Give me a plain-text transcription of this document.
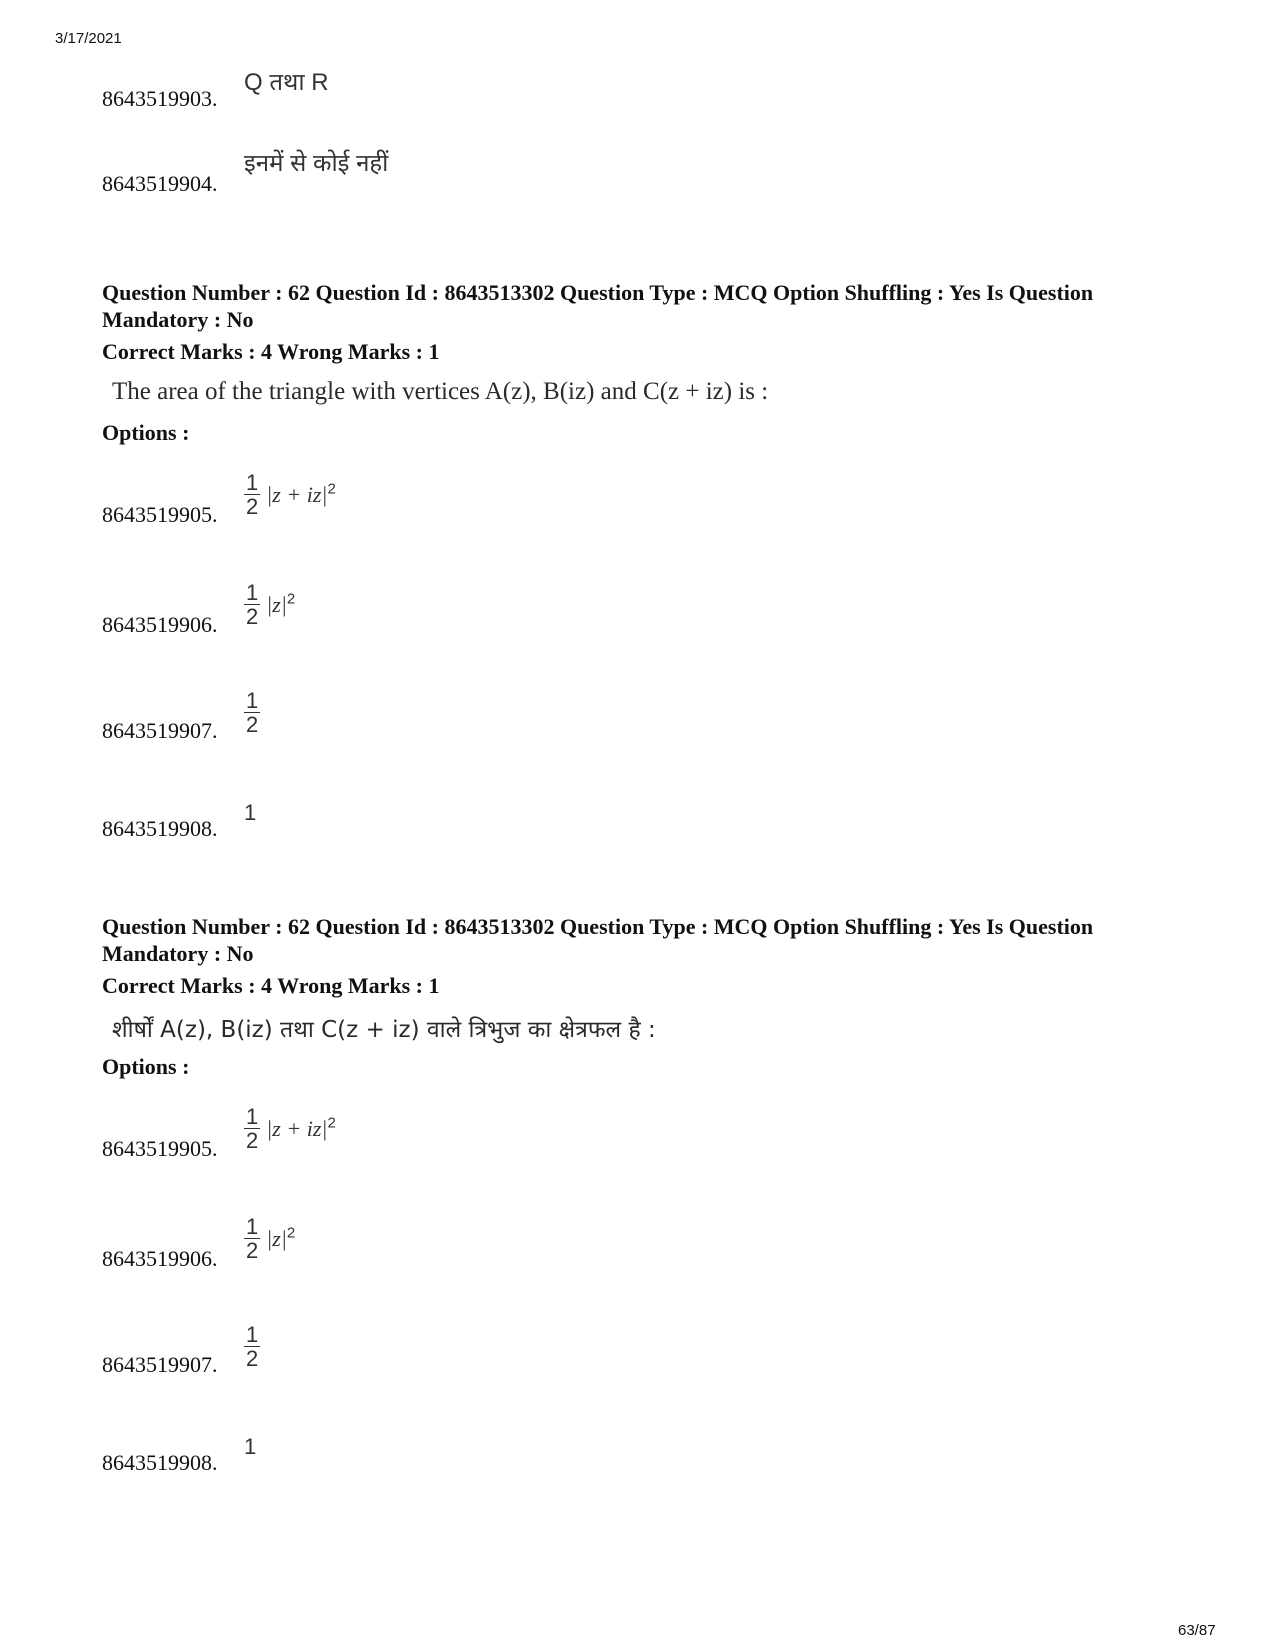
3/17/2021
8643519903.
Q तथा R
8643519904.
इनमें से कोई नहीं
Question Number : 62 Question Id : 8643513302 Question Type : MCQ Option Shuffling : Yes Is Question Mandatory : No
Correct Marks : 4 Wrong Marks : 1
The area of the triangle with vertices A(z), B(iz) and C(z + iz) is :
Options :
8643519905. $\frac{1}{2} |z + iz|^2$
8643519906. $\frac{1}{2} |z|^2$
8643519907. $\frac{1}{2}$
8643519908.
1
Question Number : 62 Question Id : 8643513302 Question Type : MCQ Option Shuffling : Yes Is Question Mandatory : No
Correct Marks : 4 Wrong Marks : 1
शीर्षों A(z), B(iz) तथा C(z + iz) वाले त्रिभुज का क्षेत्रफल है :
Options :
8643519905. $\frac{1}{2} |z + iz|^2$
8643519906. $\frac{1}{2} |z|^2$
8643519907. $\frac{1}{2}$
8643519908.
1
63/87
